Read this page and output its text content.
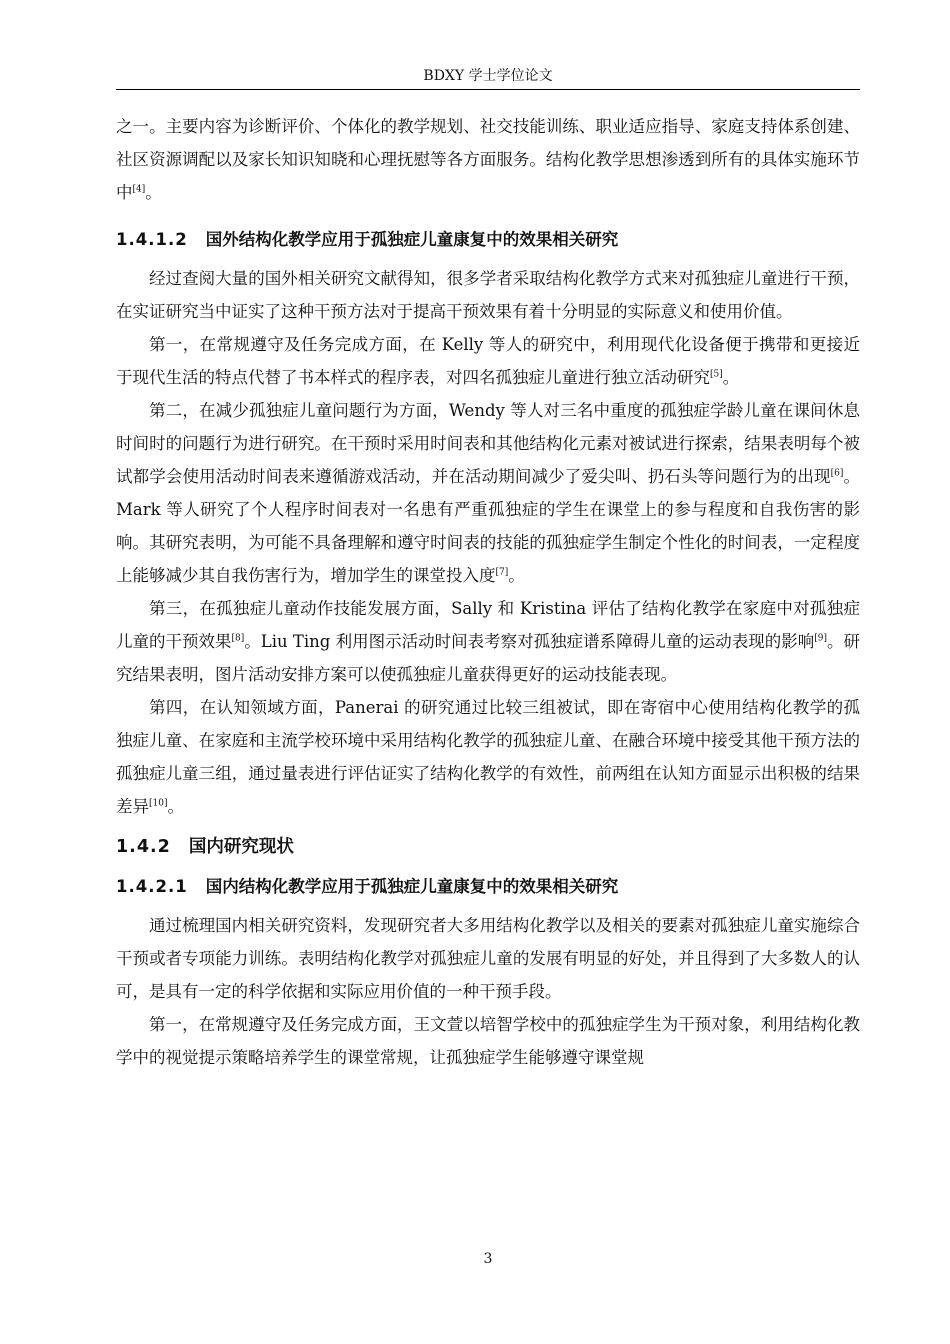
BDXY 学士学位论文

之一。主要内容为诊断评价、个体化的教学规划、社交技能训练、职业适应指导、家庭支持体系创建、社区资源调配以及家长知识知晓和心理抚慰等各方面服务。结构化教学思想渗透到所有的具体实施环节中[4]。

1.4.1.2 国外结构化教学应用于孤独症儿童康复中的效果相关研究

经过查阅大量的国外相关研究文献得知，很多学者采取结构化教学方式来对孤独症儿童进行干预，在实证研究当中证实了这种干预方法对于提高干预效果有着十分明显的实际意义和使用价值。

第一，在常规遵守及任务完成方面，在 Kelly 等人的研究中，利用现代化设备便于携带和更接近于现代生活的特点代替了书本样式的程序表，对四名孤独症儿童进行独立活动研究[5]。

第二，在减少孤独症儿童问题行为方面，Wendy 等人对三名中重度的孤独症学龄儿童在课间休息时间时的问题行为进行研究。在干预时采用时间表和其他结构化元素对被试进行探索，结果表明每个被试都学会使用活动时间表来遵循游戏活动，并在活动期间减少了爱尖叫、扔石头等问题行为的出现[6]。Mark 等人研究了个人程序时间表对一名患有严重孤独症的学生在课堂上的参与程度和自我伤害的影响。其研究表明，为可能不具备理解和遵守时间表的技能的孤独症学生制定个性化的时间表，一定程度上能够减少其自我伤害行为，增加学生的课堂投入度[7]。

第三，在孤独症儿童动作技能发展方面，Sally 和 Kristina 评估了结构化教学在家庭中对孤独症儿童的干预效果[8]。Liu Ting 利用图示活动时间表考察对孤独症谱系障碍儿童的运动表现的影响[9]。研究结果表明，图片活动安排方案可以使孤独症儿童获得更好的运动技能表现。

第四，在认知领域方面，Panerai 的研究通过比较三组被试，即在寄宿中心使用结构化教学的孤独症儿童、在家庭和主流学校环境中采用结构化教学的孤独症儿童、在融合环境中接受其他干预方法的孤独症儿童三组，通过量表进行评估证实了结构化教学的有效性，前两组在认知方面显示出积极的结果差异[10]。

1.4.2 国内研究现状
1.4.2.1 国内结构化教学应用于孤独症儿童康复中的效果相关研究

通过梳理国内相关研究资料，发现研究者大多用结构化教学以及相关的要素对孤独症儿童实施综合干预或者专项能力训练。表明结构化教学对孤独症儿童的发展有明显的好处，并且得到了大多数人的认可，是具有一定的科学依据和实际应用价值的一种干预手段。

第一，在常规遵守及任务完成方面，王文萱以培智学校中的孤独症学生为干预对象，利用结构化教学中的视觉提示策略培养学生的课堂常规，让孤独症学生能够遵守课堂规

3
